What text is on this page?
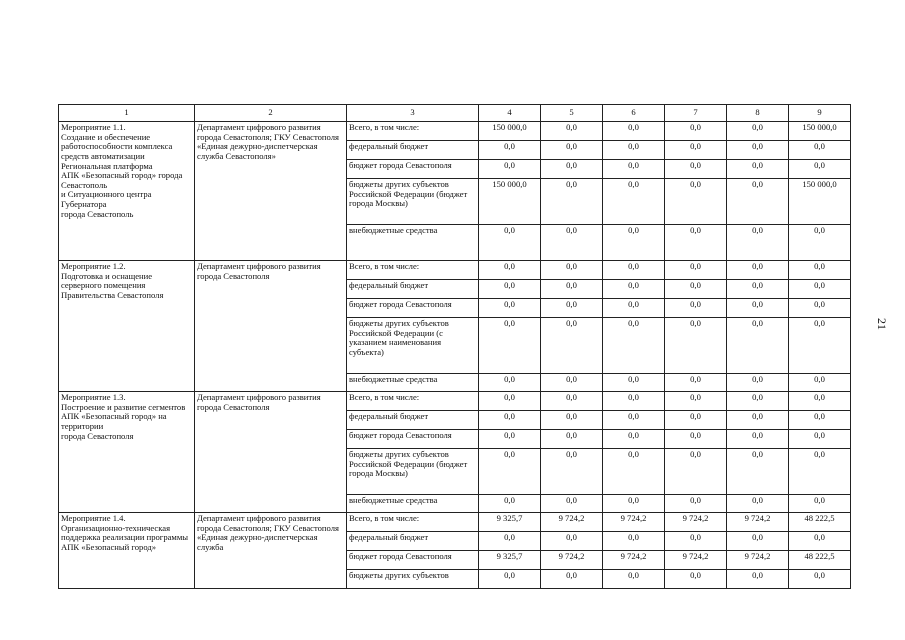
21
1	2	3	4	5	6	7	8	9
Мероприятие 1.1.
Создание и обеспечение работоспособности комплекса средств автоматизации Региональная платформа
АПК «Безопасный город» города Севастополь
и Ситуационного центра Губернатора
города Севастополь	Департамент цифрового развития города Севастополя; ГКУ Севастополя «Единая дежурно-диспетчерская служба Севастополя»	Всего, в том числе:	150 000,0	0,0	0,0	0,0	0,0	150 000,0
		федеральный бюджет	0,0	0,0	0,0	0,0	0,0	0,0
		бюджет города Севастополя	0,0	0,0	0,0	0,0	0,0	0,0
		бюджеты других субъектов Российской Федерации (бюджет города Москвы)	150 000,0	0,0	0,0	0,0	0,0	150 000,0
		внебюджетные средства	0,0	0,0	0,0	0,0	0,0	0,0
Мероприятие 1.2.
Подготовка и оснащение серверного помещения Правительства Севастополя	Департамент цифрового развития города Севастополя	Всего, в том числе:	0,0	0,0	0,0	0,0	0,0	0,0
		федеральный бюджет	0,0	0,0	0,0	0,0	0,0	0,0
		бюджет города Севастополя	0,0	0,0	0,0	0,0	0,0	0,0
		бюджеты других субъектов Российской Федерации (с указанием наименования субъекта)	0,0	0,0	0,0	0,0	0,0	0,0
		внебюджетные средства	0,0	0,0	0,0	0,0	0,0	0,0
Мероприятие 1.3.
Построение и развитие сегментов АПК «Безопасный город» на территории
города Севастополя	Департамент цифрового развития города Севастополя	Всего, в том числе:	0,0	0,0	0,0	0,0	0,0	0,0
		федеральный бюджет	0,0	0,0	0,0	0,0	0,0	0,0
		бюджет города Севастополя	0,0	0,0	0,0	0,0	0,0	0,0
		бюджеты других субъектов Российской Федерации (бюджет города Москвы)	0,0	0,0	0,0	0,0	0,0	0,0
		внебюджетные средства	0,0	0,0	0,0	0,0	0,0	0,0
Мероприятие 1.4.
Организационно-техническая поддержка реализации программы
АПК «Безопасный город»	Департамент цифрового развития города Севастополя; ГКУ Севастополя «Единая дежурно-диспетчерская служба	Всего, в том числе:	9 325,7	9 724,2	9 724,2	9 724,2	9 724,2	48 222,5
		федеральный бюджет	0,0	0,0	0,0	0,0	0,0	0,0
		бюджет города Севастополя	9 325,7	9 724,2	9 724,2	9 724,2	9 724,2	48 222,5
		бюджеты других субъектов	0,0	0,0	0,0	0,0	0,0	0,0
